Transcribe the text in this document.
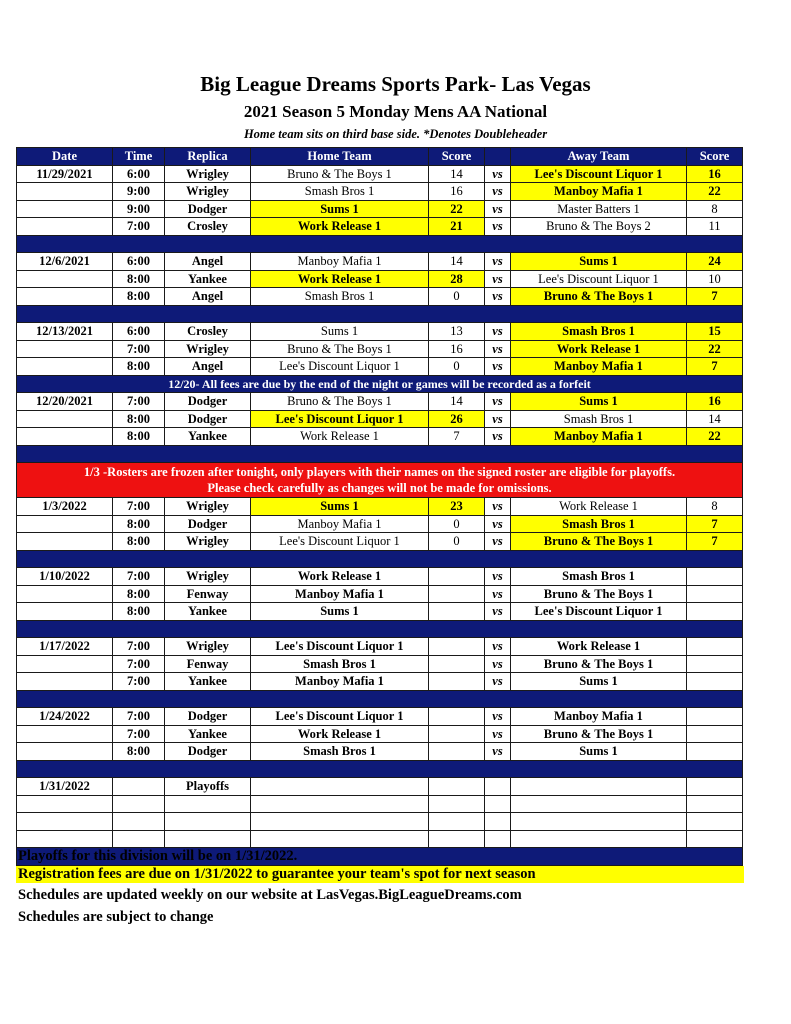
Big League Dreams Sports Park- Las Vegas
2021 Season 5 Monday Mens AA National
Home team sits on third base side. *Denotes Doubleheader
Date	Time	Replica	Home Team	Score		Away Team	Score
11/29/2021	6:00	Wrigley	Bruno & The Boys 1	14	vs	Lee's Discount Liquor 1	16
	9:00	Wrigley	Smash Bros 1	16	vs	Manboy Mafia 1	22
	9:00	Dodger	Sums 1	22	vs	Master Batters 1	8
	7:00	Crosley	Work Release 1	21	vs	Bruno & The Boys 2	11

12/6/2021	6:00	Angel	Manboy Mafia 1	14	vs	Sums 1	24
	8:00	Yankee	Work Release 1	28	vs	Lee's Discount Liquor 1	10
	8:00	Angel	Smash Bros 1	0	vs	Bruno & The Boys 1	7

12/13/2021	6:00	Crosley	Sums 1	13	vs	Smash Bros 1	15
	7:00	Wrigley	Bruno & The Boys 1	16	vs	Work Release 1	22
	8:00	Angel	Lee's Discount Liquor 1	0	vs	Manboy Mafia 1	7
12/20- All fees are due by the end of the night or games will be recorded as a forfeit							
12/20/2021	7:00	Dodger	Bruno & The Boys 1	14	vs	Sums 1	16
	8:00	Dodger	Lee's Discount Liquor 1	26	vs	Smash Bros 1	14
	8:00	Yankee	Work Release 1	7	vs	Manboy Mafia 1	22

1/3 -Rosters are frozen after tonight, only players with their names on the signed roster are eligible for playoffs.
Please check carefully as changes will not be made for omissions.							

1/3/2022	7:00	Wrigley	Sums 1	23	vs	Work Release 1	8
	8:00	Dodger	Manboy Mafia 1	0	vs	Smash Bros 1	7
	8:00	Wrigley	Lee's Discount Liquor 1	0	vs	Bruno & The Boys 1	7

1/10/2022	7:00	Wrigley	Work Release 1		vs	Smash Bros 1	
	8:00	Fenway	Manboy Mafia 1		vs	Bruno & The Boys 1	
	8:00	Yankee	Sums 1		vs	Lee's Discount Liquor 1	

1/17/2022	7:00	Wrigley	Lee's Discount Liquor 1		vs	Work Release 1	
	7:00	Fenway	Smash Bros 1		vs	Bruno & The Boys 1	
	7:00	Yankee	Manboy Mafia 1		vs	Sums 1	

1/24/2022	7:00	Dodger	Lee's Discount Liquor 1		vs	Manboy Mafia 1	
	7:00	Yankee	Work Release 1		vs	Bruno & The Boys 1	
	8:00	Dodger	Smash Bros 1		vs	Sums 1	

1/31/2022		Playoffs					

Playoffs for this division will be on 1/31/2022.
Registration fees are due on 1/31/2022 to guarantee your team's spot for next season
Schedules are updated weekly on our website at LasVegas.BigLeagueDreams.com
Schedules are subject to change
